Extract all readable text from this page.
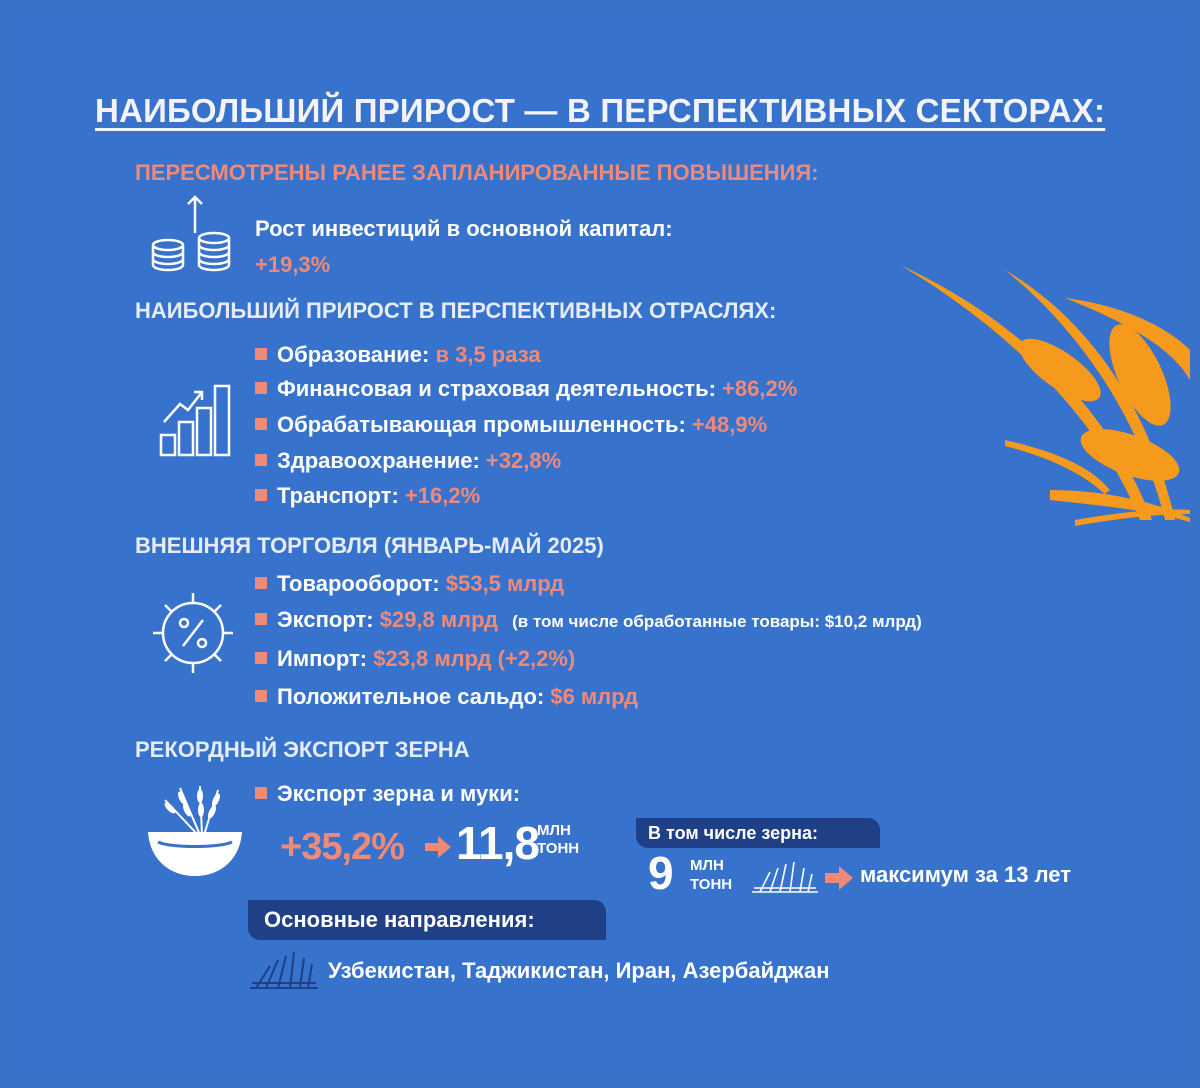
НАИБОЛЬШИЙ ПРИРОСТ — В ПЕРСПЕКТИВНЫХ СЕКТОРАХ:
ПЕРЕСМОТРЕНЫ РАНЕЕ ЗАПЛАНИРОВАННЫЕ ПОВЫШЕНИЯ:
Рост инвестиций в основной капитал:
+19,3%
НАИБОЛЬШИЙ ПРИРОСТ В ПЕРСПЕКТИВНЫХ ОТРАСЛЯХ:
Образование: в 3,5 раза
Финансовая и страховая деятельность: +86,2%
Обрабатывающая промышленность: +48,9%
Здравоохранение: +32,8%
Транспорт: +16,2%
ВНЕШНЯЯ ТОРГОВЛЯ (ЯНВАРЬ-МАЙ 2025)
Товарооборот: $53,5 млрд
Экспорт: $29,8 млрд (в том числе обработанные товары: $10,2 млрд)
Импорт: $23,8 млрд (+2,2%)
Положительное сальдо: $6 млрд
РЕКОРДНЫЙ ЭКСПОРТ ЗЕРНА
Экспорт зерна и муки:
+35,2% 11,8
МЛН
ТОНН
В том числе зерна:
9 МЛН
ТОНН	максимум за 13 лет
Основные направления:
Узбекистан, Таджикистан, Иран, Азербайджан
